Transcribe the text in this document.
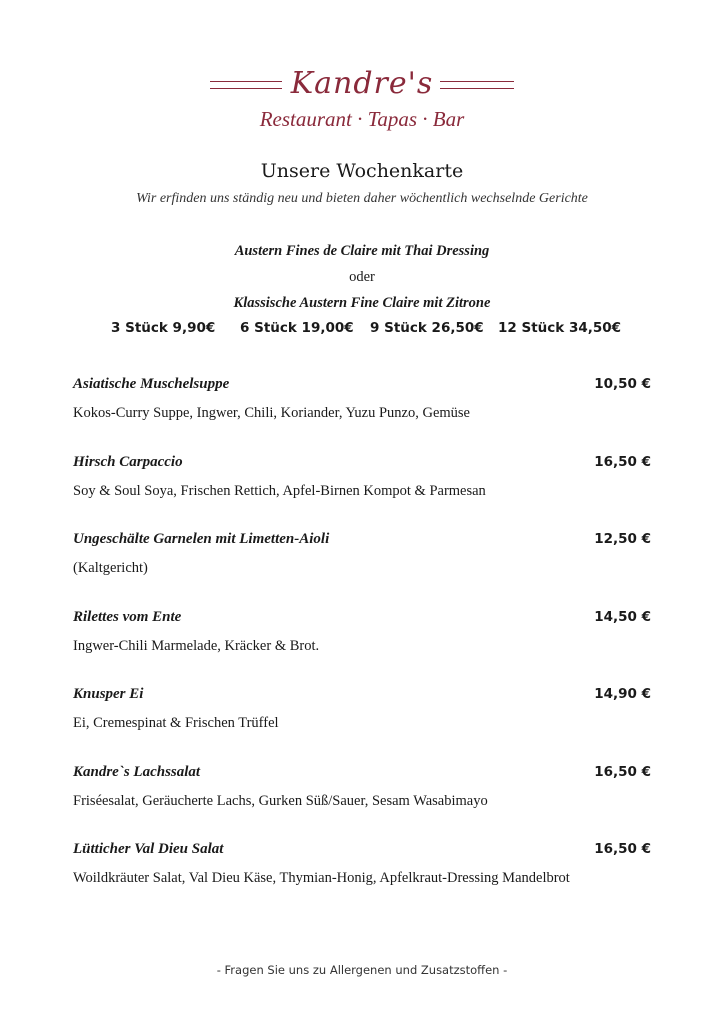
Kandre's
Restaurant · Tapas · Bar
Unsere Wochenkarte
Wir erfinden uns ständig neu und bieten daher wöchentlich wechselnde Gerichte
Austern Fines de Claire mit Thai Dressing
oder
Klassische Austern Fine Claire mit Zitrone
3 Stück 9,90€ 6 Stück 19,00€ 9 Stück 26,50€ 12 Stück 34,50€
Asiatische Muschelsuppe	10,50 €
Kokos-Curry Suppe, Ingwer, Chili, Koriander, Yuzu Punzo, Gemüse
Hirsch Carpaccio	16,50 €
Soy & Soul Soya, Frischen Rettich, Apfel-Birnen Kompot & Parmesan
Ungeschälte Garnelen mit Limetten-Aioli	12,50 €
(Kaltgericht)
Rilettes vom Ente	14,50 €
Ingwer-Chili Marmelade, Kräcker & Brot.
Knusper Ei	14,90 €
Ei, Cremespinat & Frischen Trüffel
Kandre`s Lachssalat	16,50 €
Friséesalat, Geräucherte Lachs, Gurken Süß/Sauer, Sesam Wasabimayo
Lütticher Val Dieu Salat	16,50 €
Woildkräuter Salat, Val Dieu Käse, Thymian-Honig, Apfelkraut-Dressing Mandelbrot
- Fragen Sie uns zu Allergenen und Zusatzstoffen -
